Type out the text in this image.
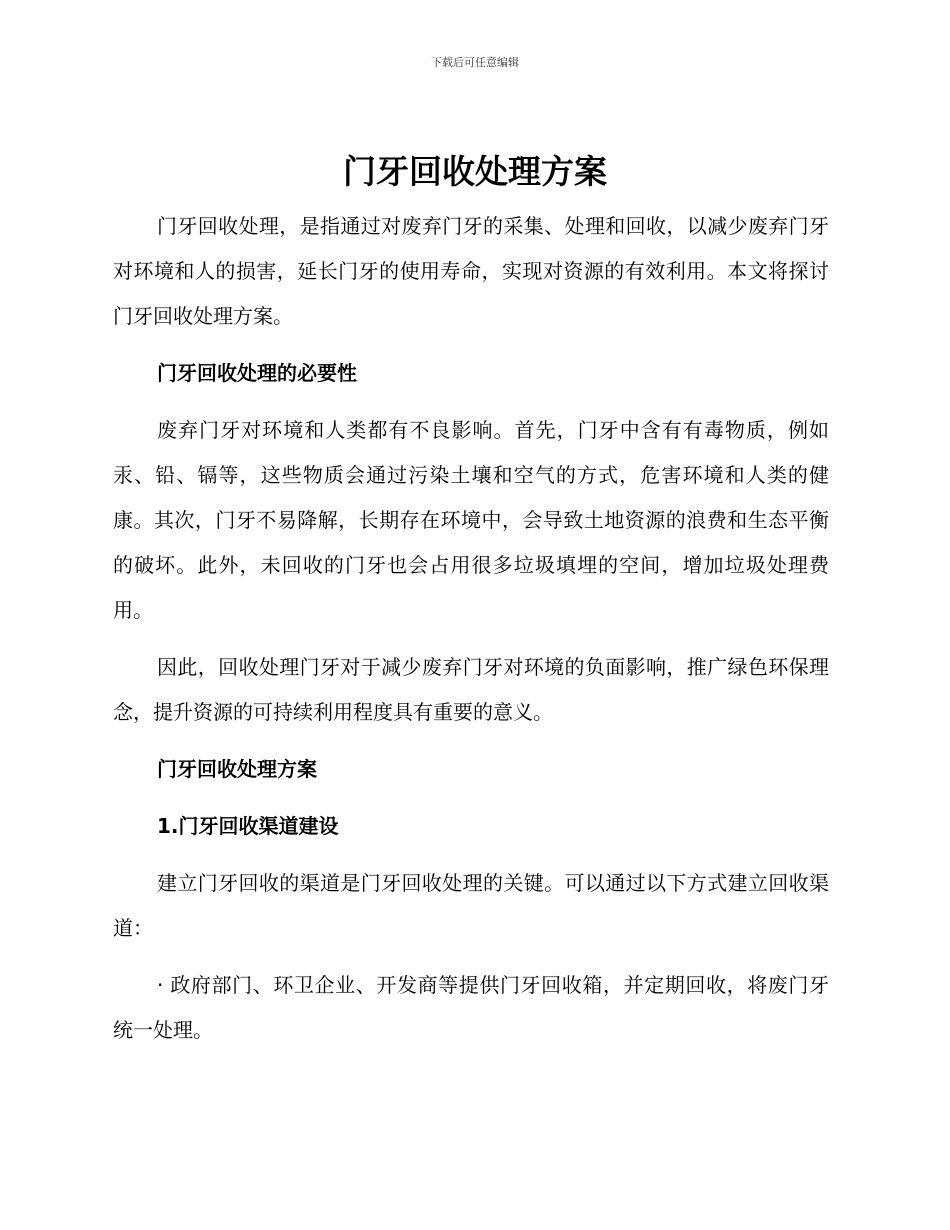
下载后可任意编辑
门牙回收处理方案

门牙回收处理，是指通过对废弃门牙的采集、处理和回收，以减少废弃门牙对环境和人的损害，延长门牙的使用寿命，实现对资源的有效利用。本文将探讨门牙回收处理方案。

门牙回收处理的必要性

废弃门牙对环境和人类都有不良影响。首先，门牙中含有有毒物质，例如汞、铅、镉等，这些物质会通过污染土壤和空气的方式，危害环境和人类的健康。其次，门牙不易降解，长期存在环境中，会导致土地资源的浪费和生态平衡的破坏。此外，未回收的门牙也会占用很多垃圾填埋的空间，增加垃圾处理费用。

因此，回收处理门牙对于减少废弃门牙对环境的负面影响，推广绿色环保理念，提升资源的可持续利用程度具有重要的意义。

门牙回收处理方案
1.门牙回收渠道建设

建立门牙回收的渠道是门牙回收处理的关键。可以通过以下方式建立回收渠道：

· 政府部门、环卫企业、开发商等提供门牙回收箱，并定期回收，将废门牙统一处理。
